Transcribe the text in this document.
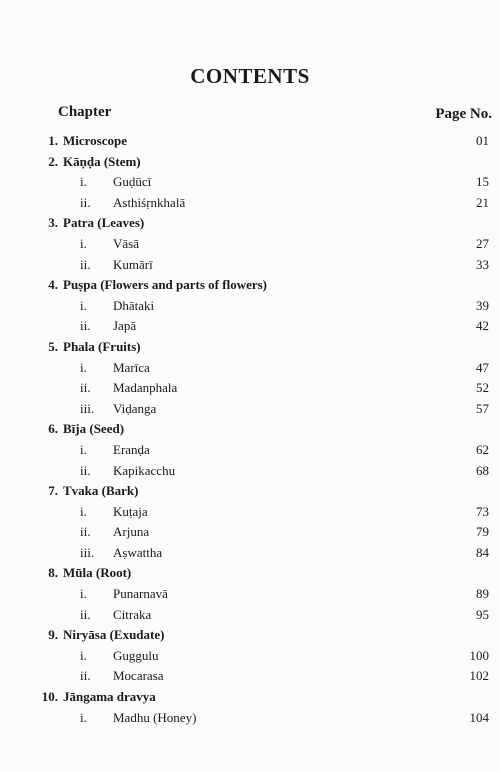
CONTENTS
Chapter	Page No.
1. Microscope	01
2. Kāṇḍa (Stem)
i. Guḍūcī	15
ii. Asthiśṛnkhalā	21
3. Patra (Leaves)
i. Vāsā	27
ii. Kumārī	33
4. Puṣpa (Flowers and parts of flowers)
i. Dhātaki	39
ii. Japā	42
5. Phala (Fruits)
i. Marīca	47
ii. Madanphala	52
iii. Viḍanga	57
6. Bīja (Seed)
i. Eranḍa	62
ii. Kapikacchu	68
7. Tvaka (Bark)
i. Kuṭaja	73
ii. Arjuna	79
iii. Aṣwattha	84
8. Mūla (Root)
i. Punarnavā	89
ii. Citraka	95
9. Niryāsa (Exudate)
i. Guggulu	100
ii. Mocarasa	102
10. Jāngama dravya
i. Madhu (Honey)	104
